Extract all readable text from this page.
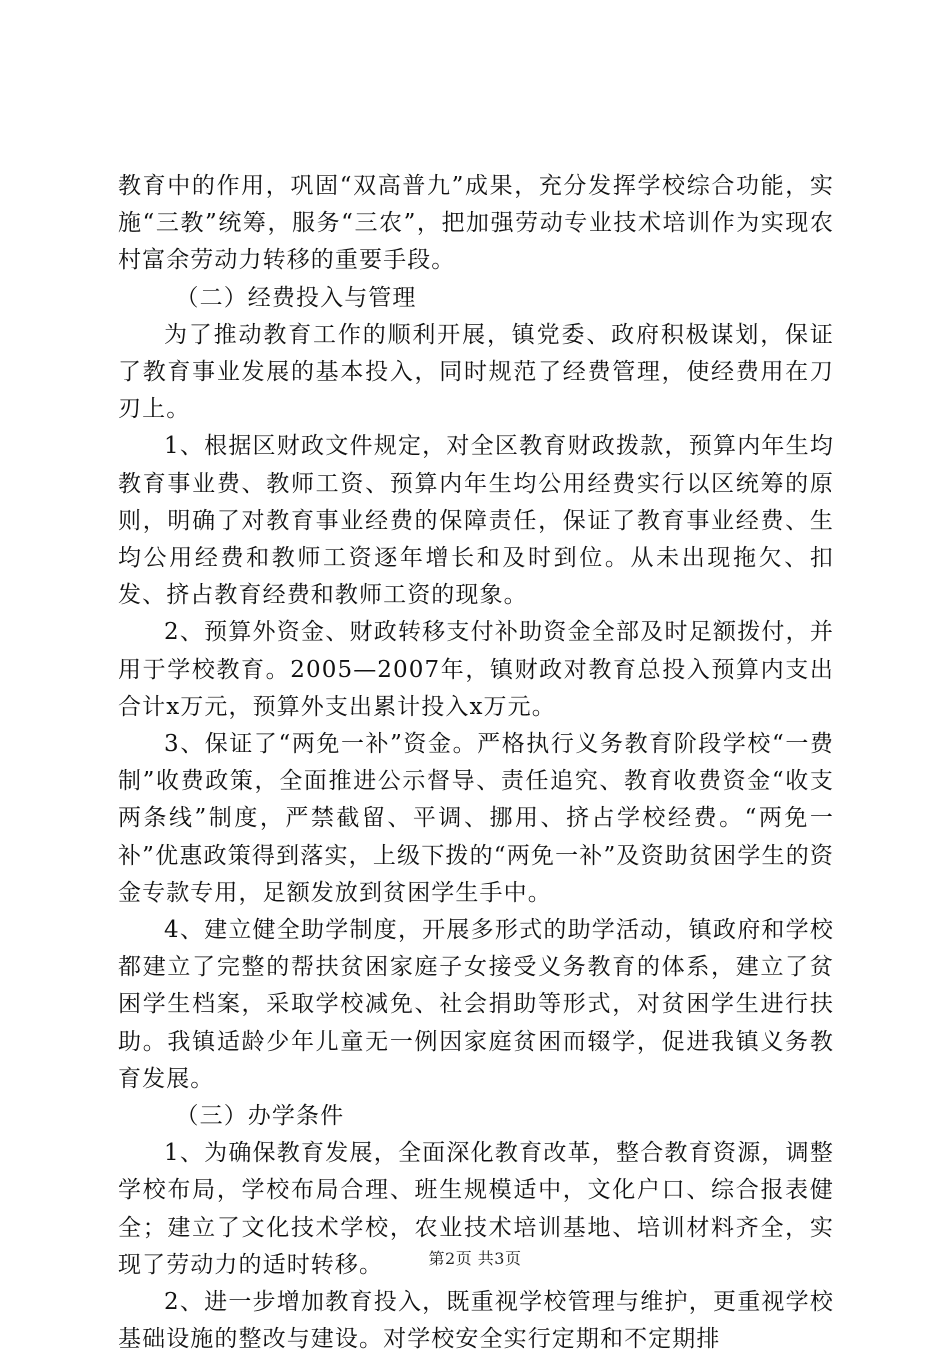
教育中的作用，巩固“双高普九”成果，充分发挥学校综合功能，实施“三教”统筹，服务“三农”，把加强劳动专业技术培训作为实现农村富余劳动力转移的重要手段。

（二）经费投入与管理

为了推动教育工作的顺利开展，镇党委、政府积极谋划，保证了教育事业发展的基本投入，同时规范了经费管理，使经费用在刀刃上。

1、根据区财政文件规定，对全区教育财政拨款，预算内年生均教育事业费、教师工资、预算内年生均公用经费实行以区统筹的原则，明确了对教育事业经费的保障责任，保证了教育事业经费、生均公用经费和教师工资逐年增长和及时到位。从未出现拖欠、扣发、挤占教育经费和教师工资的现象。

2、预算外资金、财政转移支付补助资金全部及时足额拨付，并用于学校教育。2005—2007年，镇财政对教育总投入预算内支出合计x万元，预算外支出累计投入x万元。

3、保证了“两免一补”资金。严格执行义务教育阶段学校“一费制”收费政策，全面推进公示督导、责任追究、教育收费资金“收支两条线”制度，严禁截留、平调、挪用、挤占学校经费。“两免一补”优惠政策得到落实，上级下拨的“两免一补”及资助贫困学生的资金专款专用，足额发放到贫困学生手中。

4、建立健全助学制度，开展多形式的助学活动，镇政府和学校都建立了完整的帮扶贫困家庭子女接受义务教育的体系，建立了贫困学生档案，采取学校减免、社会捐助等形式，对贫困学生进行扶助。我镇适龄少年儿童无一例因家庭贫困而辍学，促进我镇义务教育发展。

（三）办学条件

1、为确保教育发展，全面深化教育改革，整合教育资源，调整学校布局，学校布局合理、班生规模适中，文化户口、综合报表健全；建立了文化技术学校，农业技术培训基地、培训材料齐全，实现了劳动力的适时转移。

2、进一步增加教育投入，既重视学校管理与维护，更重视学校基础设施的整改与建设。对学校安全实行定期和不定期排

第2页 共3页
